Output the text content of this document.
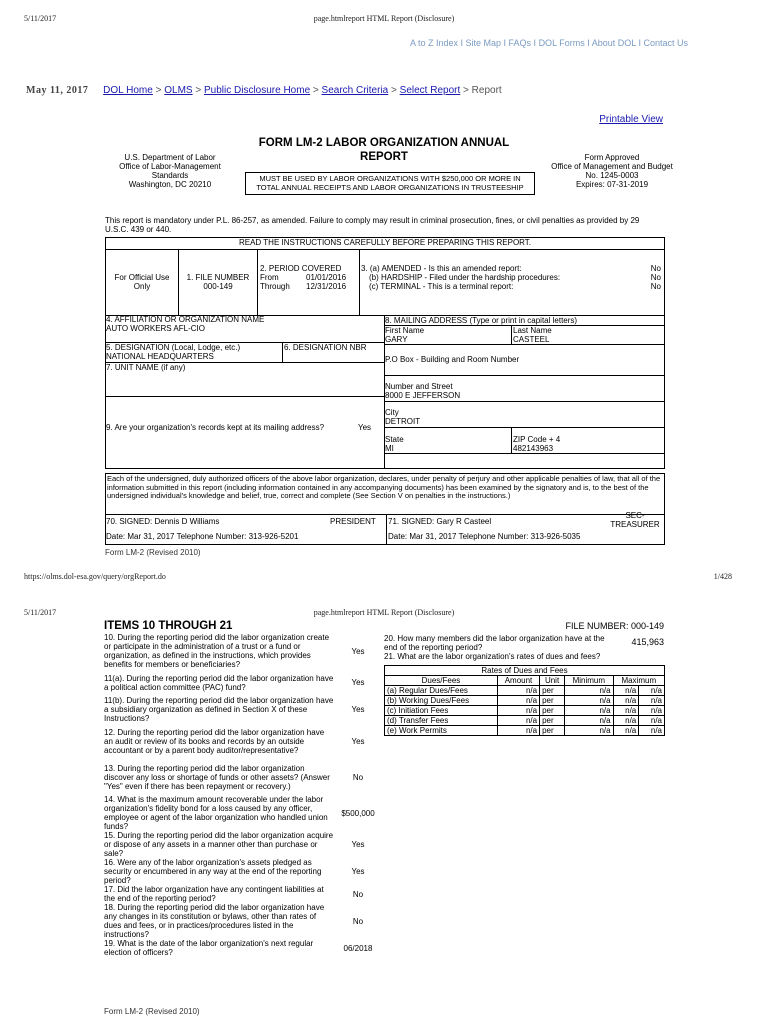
5/11/2017	page.htmlreport HTML Report (Disclosure)
A to Z Index I Site Map I FAQs I DOL Forms I About DOL I Contact Us
May 11, 2017 DOL Home > OLMS > Public Disclosure Home > Search Criteria > Select Report > Report
Printable View
FORM LM-2 LABOR ORGANIZATION ANNUAL
REPORT
U.S. Department of Labor
Office of Labor-Management
Standards
Washington, DC 20210
MUST BE USED BY LABOR ORGANIZATIONS WITH $250,000 OR MORE IN TOTAL ANNUAL RECEIPTS AND LABOR ORGANIZATIONS IN TRUSTEESHIP
Form Approved
Office of Management and Budget
No. 1245-0003
Expires: 07-31-2019
This report is mandatory under P.L. 86-257, as amended. Failure to comply may result in criminal prosecution, fines, or civil penalties as provided by 29 U.S.C. 439 or 440.
READ THE INSTRUCTIONS CAREFULLY BEFORE PREPARING THIS REPORT.
For Official Use Only
1. FILE NUMBER
000-149
2. PERIOD COVERED
From	01/01/2016
Through 12/31/2016
3. (a) AMENDED - Is this an amended report:	No
(b) HARDSHIP - Filed under the hardship procedures:	No
(c) TERMINAL - This is a terminal report:	No
4. AFFILIATION OR ORGANIZATION NAME
AUTO WORKERS AFL-CIO
5. DESIGNATION (Local, Lodge, etc.)
NATIONAL HEADQUARTERS
6. DESIGNATION NBR
7. UNIT NAME (if any)
9. Are your organization's records kept at its mailing address?	Yes
8. MAILING ADDRESS (Type or print in capital letters)
First Name
GARY
Last Name
CASTEEL
P.O Box - Building and Room Number
Number and Street
8000 E JEFFERSON
City
DETROIT
State
MI
ZIP Code + 4
482143963
Each of the undersigned, duly authorized officers of the above labor organization, declares, under penalty of perjury and other applicable penalties of law, that all of the information submitted in this report (including information contained in any accompanying documents) has been examined by the signatory and is, to the best of the undersigned individual's knowledge and belief, true, correct and complete (See Section V on penalties in the instructions.)
70. SIGNED: Dennis D Williams	PRESIDENT
Date: Mar 31, 2017 Telephone Number: 313-926-5201
71. SIGNED: Gary R Casteel
SEC-TREASURER
Date: Mar 31, 2017 Telephone Number: 313-926-5035
Form LM-2 (Revised 2010)
https://olms.dol-esa.gov/query/orgReport.do	1/428
5/11/2017	page.htmlreport HTML Report (Disclosure)
ITEMS 10 THROUGH 21	FILE NUMBER: 000-149
10. During the reporting period did the labor organization create or participate in the administration of a trust or a fund or organization, as defined in the instructions, which provides benefits for members or beneficiaries?
Yes
11(a). During the reporting period did the labor organization have a political action committee (PAC) fund?	Yes
11(b). During the reporting period did the labor organization have a subsidiary organization as defined in Section X of these Instructions?
Yes
12. During the reporting period did the labor organization have an audit or review of its books and records by an outside accountant or by a parent body auditor/representative?
Yes
13. During the reporting period did the labor organization discover any loss or shortage of funds or other assets? (Answer "Yes" even if there has been repayment or recovery.)
No
14. What is the maximum amount recoverable under the labor organization's fidelity bond for a loss caused by any officer, employee or agent of the labor organization who handled union funds?
$500,000
15. During the reporting period did the labor organization acquire or dispose of any assets in a manner other than purchase or sale?
Yes
16. Were any of the labor organization's assets pledged as security or encumbered in any way at the end of the reporting period?
Yes
17. Did the labor organization have any contingent liabilities at the end of the reporting period?	No
18. During the reporting period did the labor organization have any changes in its constitution or bylaws, other than rates of dues and fees, or in practices/procedures listed in the instructions?
No
19. What is the date of the labor organization's next regular election of officers?	06/2018
20. How many members did the labor organization have at the end of the reporting period?
415,963
21. What are the labor organization's rates of dues and fees?
Rates of Dues and Fees					
Dues/Fees	Amount	Unit	Minimum	Maximum	
(a) Regular Dues/Fees	n/a	per	n/a	n/a	n/a
(b) Working Dues/Fees	n/a	per	n/a	n/a	n/a
(c) Initiation Fees	n/a	per	n/a	n/a	n/a
(d) Transfer Fees	n/a	per	n/a	n/a	n/a
(e) Work Permits	n/a	per	n/a	n/a	n/a
Form LM-2 (Revised 2010)
